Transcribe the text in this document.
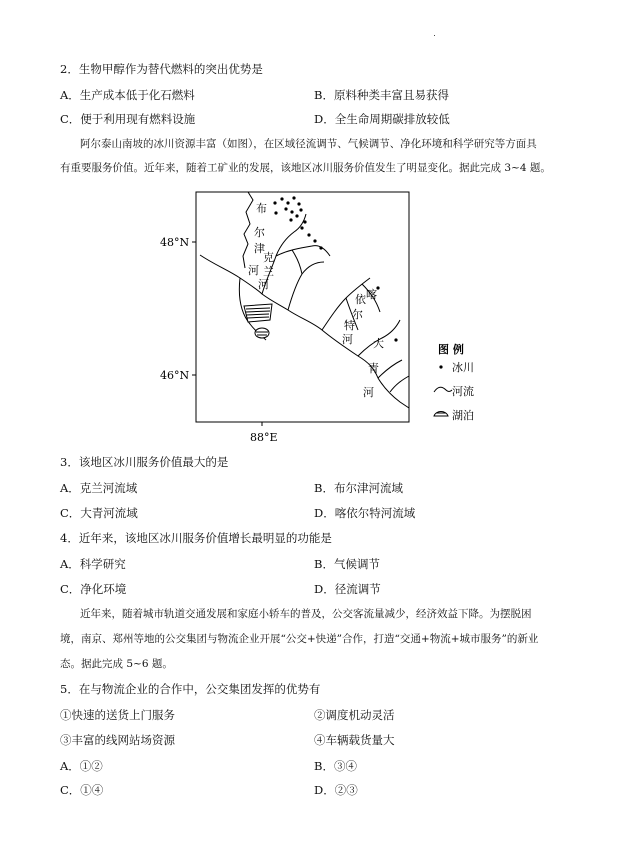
2．生物甲醇作为替代燃料的突出优势是
A．生产成本低于化石燃料	B．原料种类丰富且易获得
C．便于利用现有燃料设施	D．全生命周期碳排放较低
阿尔泰山南坡的冰川资源丰富（如图），在区域径流调节、气候调节、净化环境和科学研究等方面具
有重要服务价值。近年来，随着工矿业的发展，该地区冰川服务价值发生了明显变化。据此完成 3~4 题。
48°N
46°N
88°E
布
尔
津
河
克
兰
河
喀
依
尔
特
河 大
青
河
图 例
冰川
河流
湖泊
3．该地区冰川服务价值最大的是
A．克兰河流域	B．布尔津河流域
C．大青河流域	D．喀依尔特河流域
4．近年来，该地区冰川服务价值增长最明显的功能是
A．科学研究	B．气候调节
C．净化环境	D．径流调节
近年来，随着城市轨道交通发展和家庭小轿车的普及，公交客流量减少，经济效益下降。为摆脱困
境，南京、郑州等地的公交集团与物流企业开展“公交+快递”合作，打造“交通+物流+城市服务”的新业
态。据此完成 5~6 题。
5．在与物流企业的合作中，公交集团发挥的优势有
①快速的送货上门服务	②调度机动灵活
③丰富的线网站场资源	④车辆载货量大
A．①②	B．③④
C．①④	D．②③
